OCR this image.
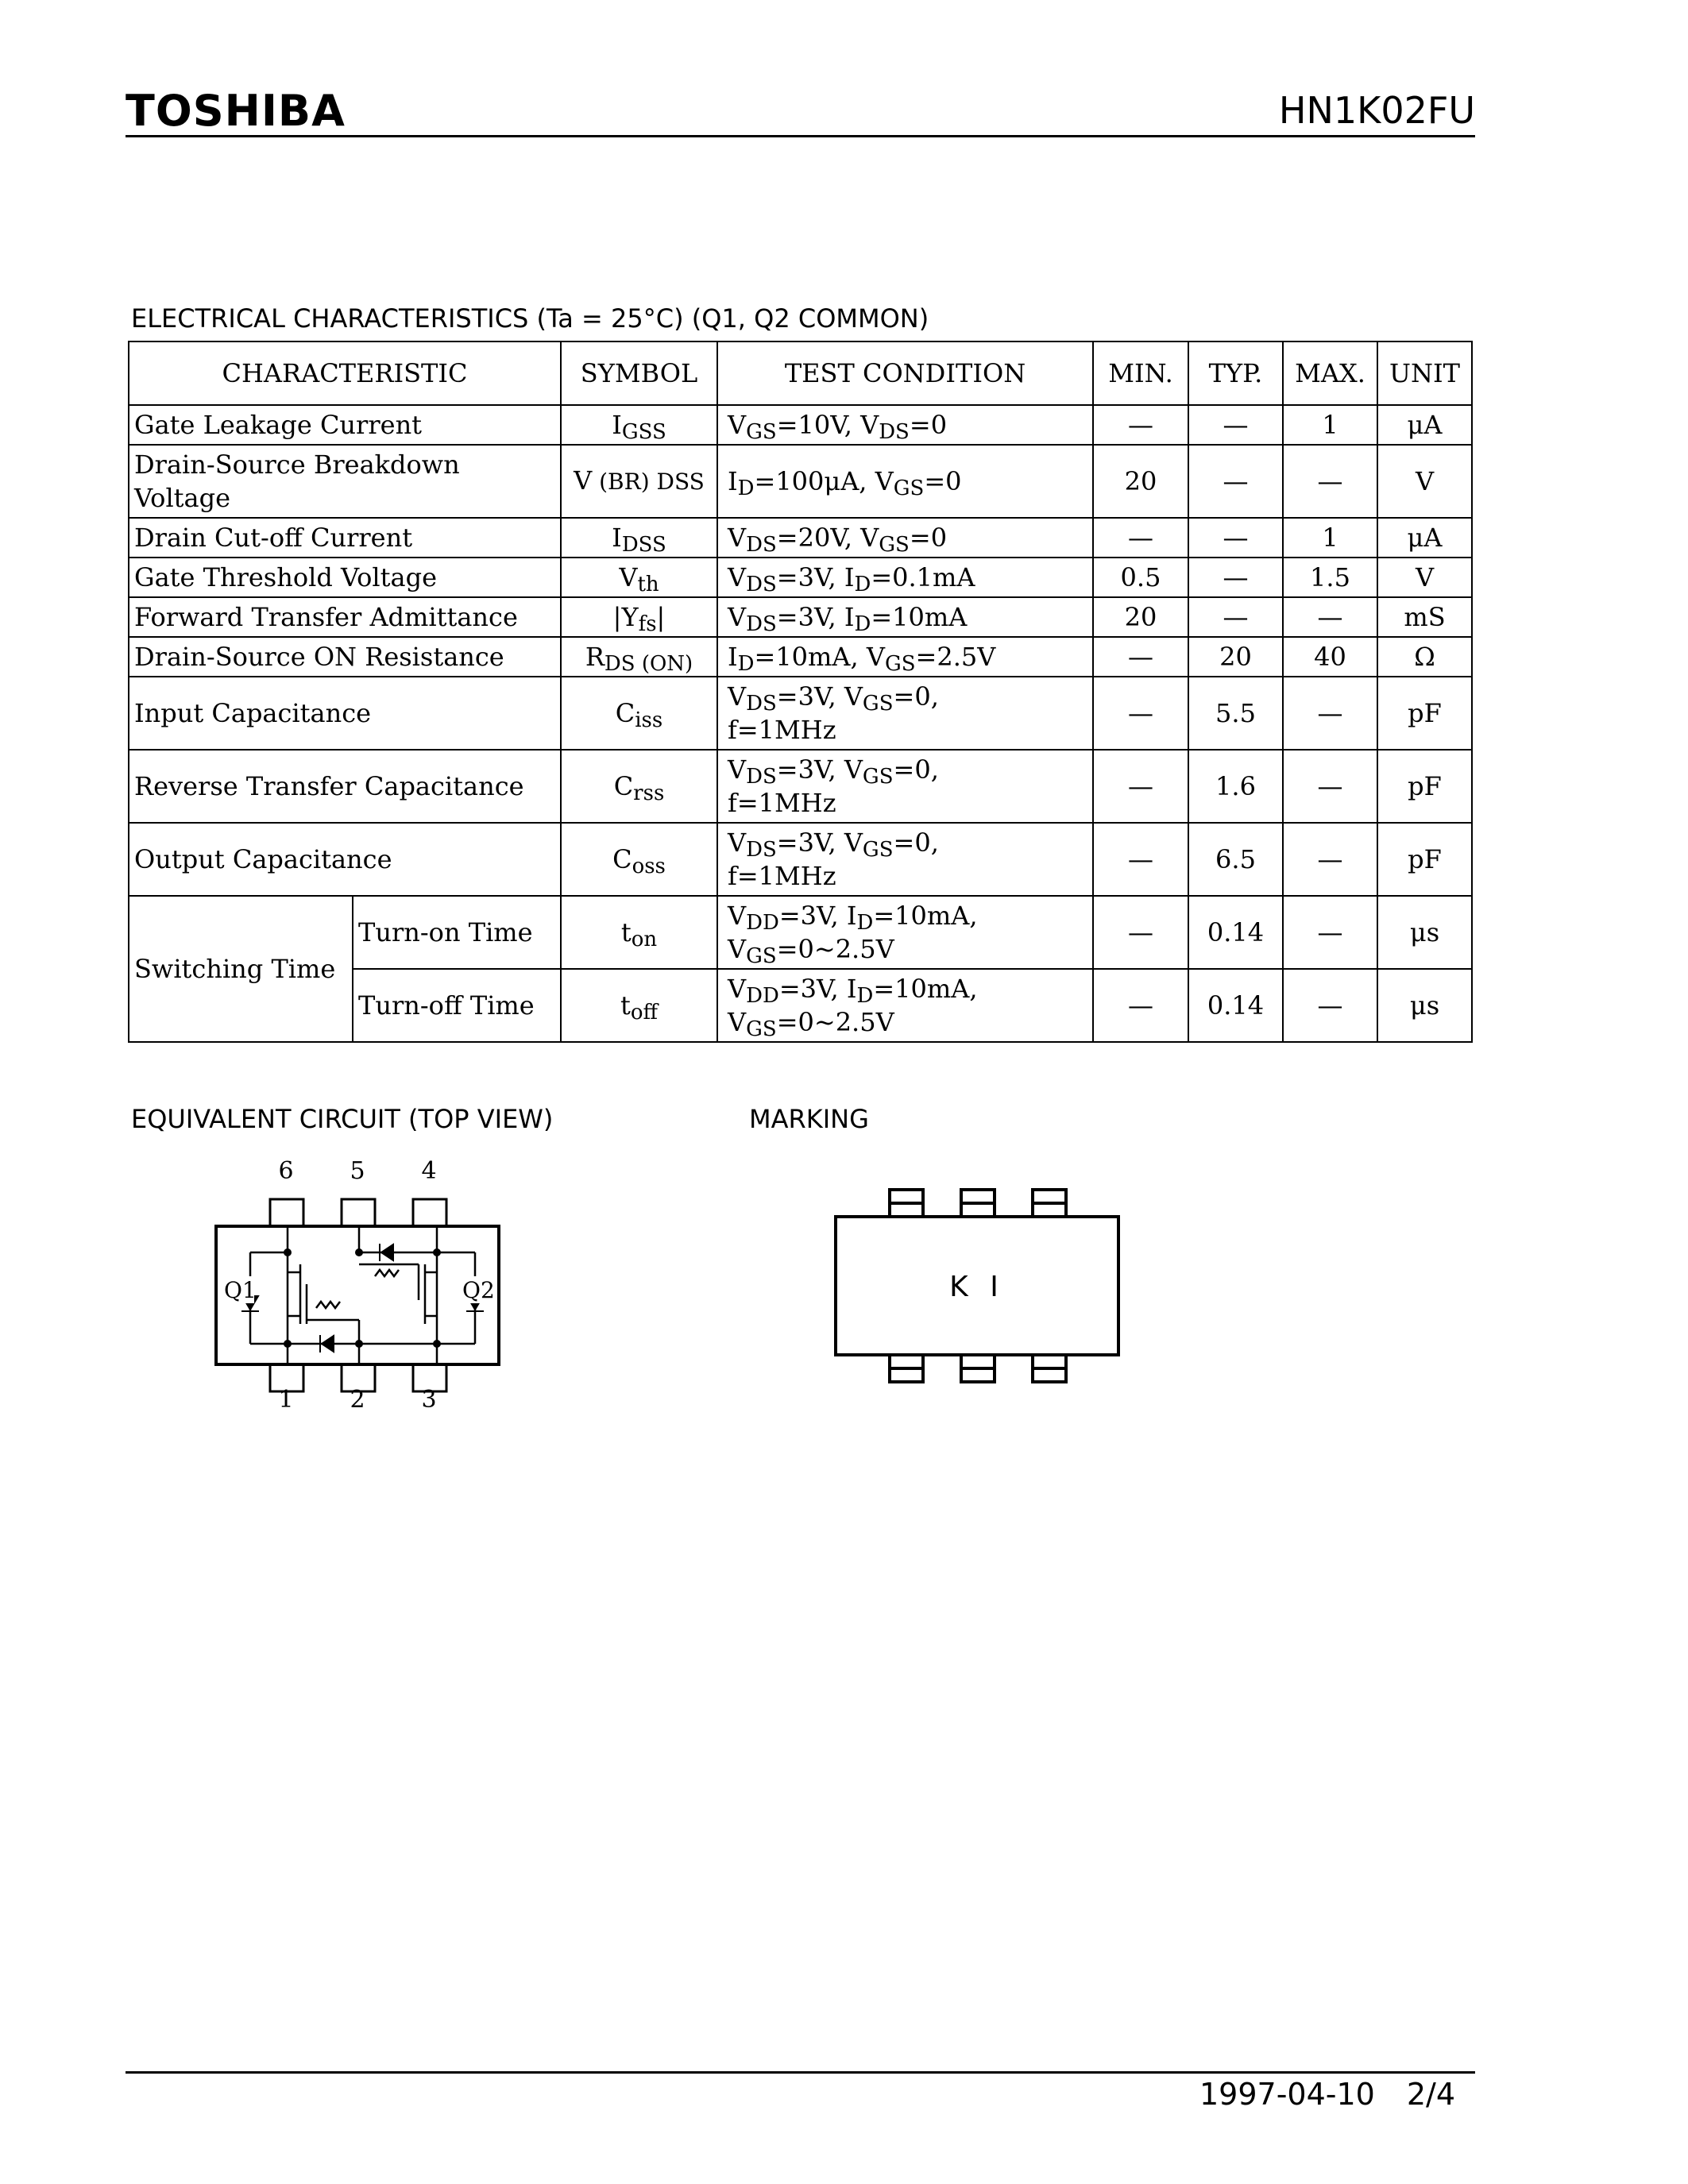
TOSHIBA	HN1K02FU
ELECTRICAL CHARACTERISTICS (Ta = 25°C) (Q1, Q2 COMMON)
CHARACTERISTIC		SYMBOL	TEST CONDITION	MIN.	TYP.	MAX.	UNIT
Gate Leakage Current		$I_{GSS}$	$V_{GS}=10V$, $V_{DS}=0$	—	—	1	μA
Drain-Source Breakdown Voltage		V (BR) DSS	$I_D=100\mu A$, $V_{GS}=0$	20	—	—	V
Drain Cut-off Current		$I_{DSS}$	$V_{DS}=20V$, $V_{GS}=0$	—	—	1	μA
Gate Threshold Voltage		$V_{th}$	$V_{DS}=3V$, $I_D=0.1mA$	0.5	—	1.5	V
Forward Transfer Admittance		$|Y_{fs}|$	$V_{DS}=3V$, $I_D=10mA$	20	—	—	mS
Drain-Source ON Resistance		$R_{DS (ON)}$	$I_D=10mA$, $V_{GS}=2.5V$	—	20	40	Ω
Input Capacitance		$C_{iss}$	$V_{DS}=3V$, $V_{GS}=0$,
f=1MHz	—	5.5	—	pF
Reverse Transfer Capacitance		$C_{rss}$	$V_{DS}=3V$, $V_{GS}=0$,
f=1MHz	—	1.6	—	pF
Output Capacitance		$C_{oss}$	$V_{DS}=3V$, $V_{GS}=0$,
f=1MHz	—	6.5	—	pF
Switching Time	Turn-on Time	$t_{on}$	$V_{DD}=3V$, $I_D=10mA$,
$V_{GS}=0\sim 2.5V$	—	0.14	—	μs
	Turn-off Time	$t_{off}$	$V_{DD}=3V$, $I_D=10mA$,
$V_{GS}=0\sim 2.5V$	—	0.14	—	μs
EQUIVALENT CIRCUIT (TOP VIEW)	MARKING
6 5 4
1 2 3
Q1	Q2	K I
1997-04-10 2/4
